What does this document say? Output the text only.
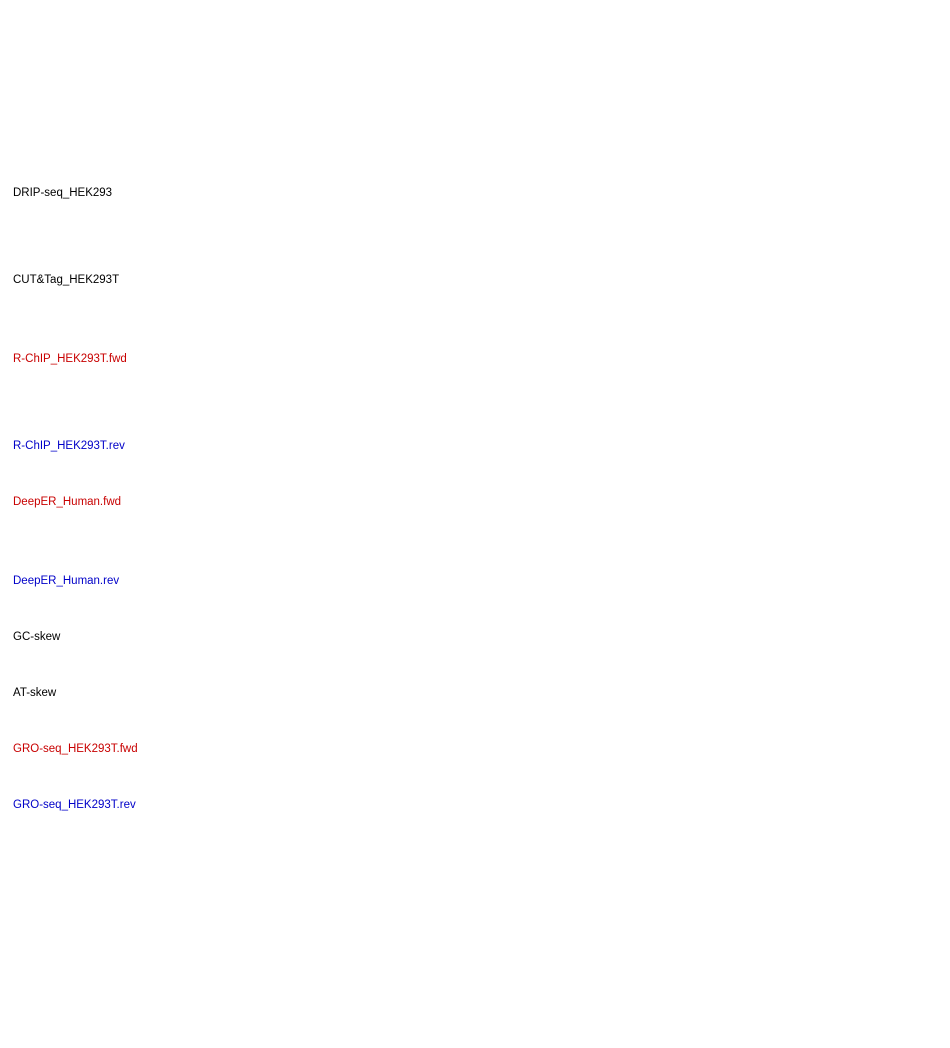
DRIP-seq_HEK293
CUT&Tag_HEK293T
R-ChIP_HEK293T.fwd
R-ChIP_HEK293T.rev
DeepER_Human.fwd
DeepER_Human.rev
GC-skew
AT-skew
GRO-seq_HEK293T.fwd
GRO-seq_HEK293T.rev
